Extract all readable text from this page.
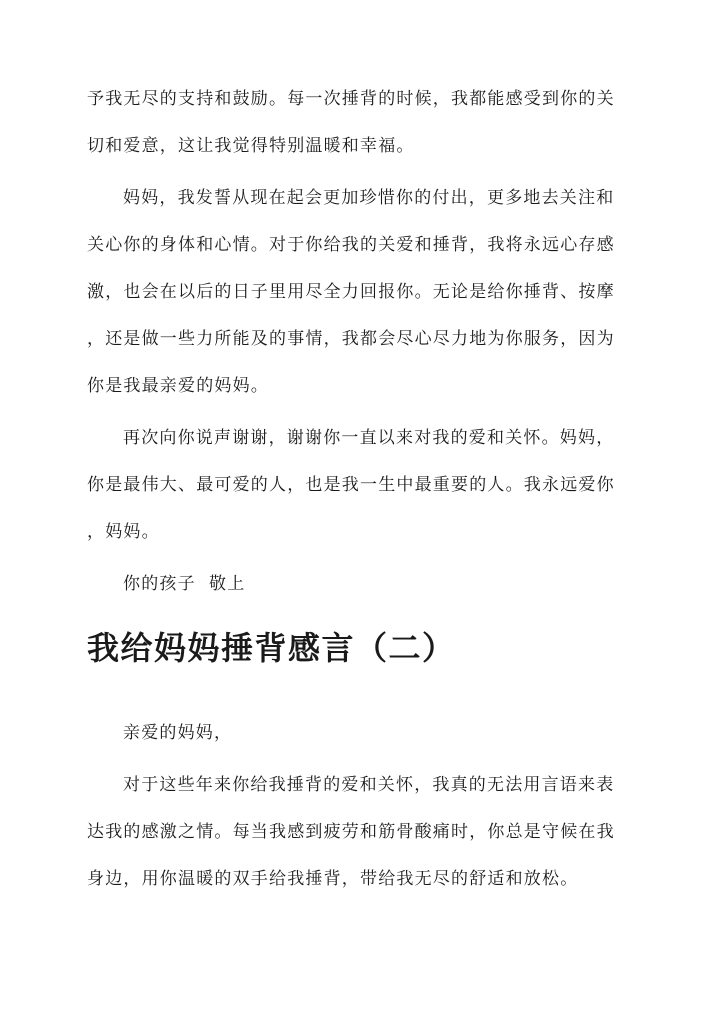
予我无尽的支持和鼓励。每一次捶背的时候，我都能感受到你的关
切和爱意，这让我觉得特别温暖和幸福。

妈妈，我发誓从现在起会更加珍惜你的付出，更多地去关注和
关心你的身体和心情。对于你给我的关爱和捶背，我将永远心存感
激，也会在以后的日子里用尽全力回报你。无论是给你捶背、按摩
，还是做一些力所能及的事情，我都会尽心尽力地为你服务，因为
你是我最亲爱的妈妈。

再次向你说声谢谢，谢谢你一直以来对我的爱和关怀。妈妈，
你是最伟大、最可爱的人，也是我一生中最重要的人。我永远爱你
，妈妈。

你的孩子  敬上

我给妈妈捶背感言（二）

亲爱的妈妈，

对于这些年来你给我捶背的爱和关怀，我真的无法用言语来表
达我的感激之情。每当我感到疲劳和筋骨酸痛时，你总是守候在我
身边，用你温暖的双手给我捶背，带给我无尽的舒适和放松。
